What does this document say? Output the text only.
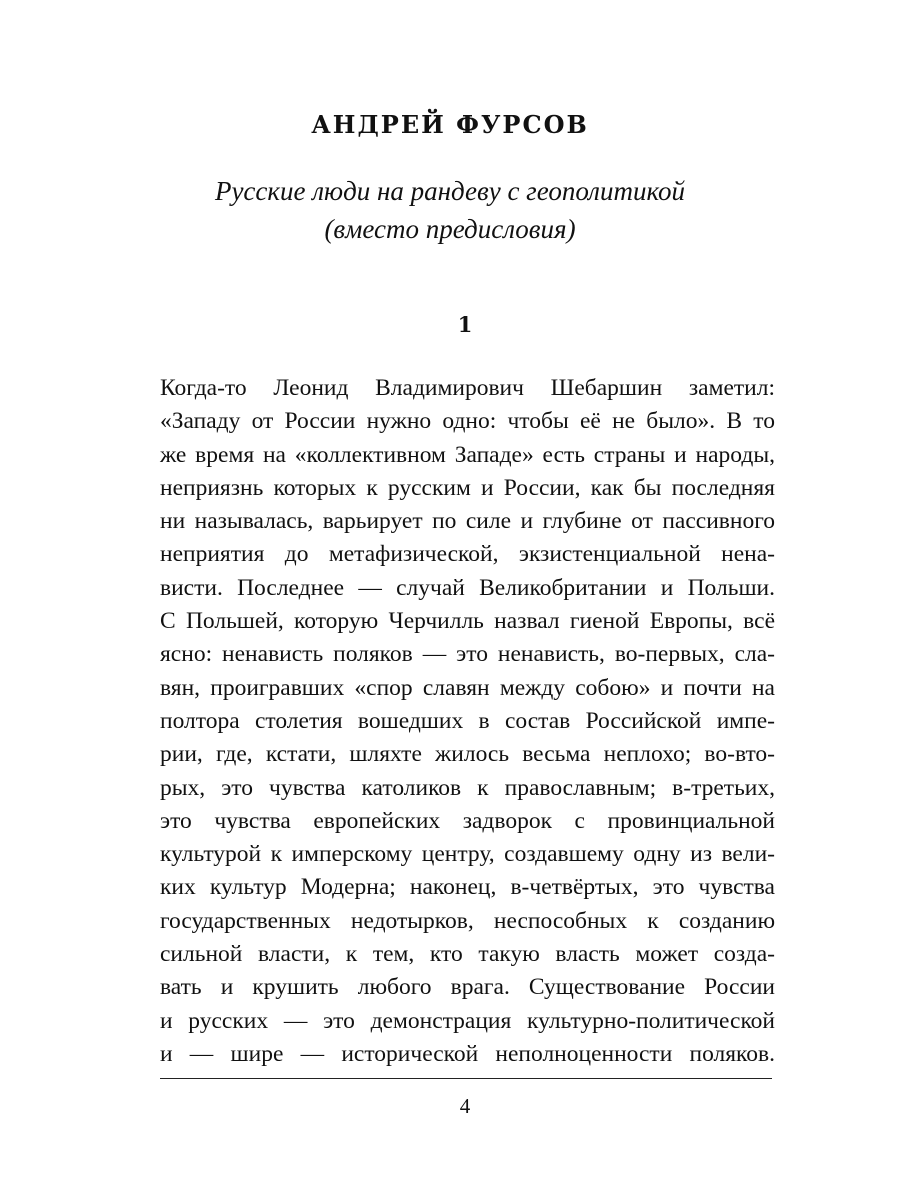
АНДРЕЙ ФУРСОВ
Русские люди на рандеву с геополитикой
(вместо предисловия)
1
Когда-то Леонид Владимирович Шебаршин заметил:
«Западу от России нужно одно: чтобы её не было». В то
же время на «коллективном Западе» есть страны и народы,
неприязнь которых к русским и России, как бы последняя
ни называлась, варьирует по силе и глубине от пассивного
неприятия до метафизической, экзистенциальной нена-
висти. Последнее — случай Великобритании и Польши.
С Польшей, которую Черчилль назвал гиеной Европы, всё
ясно: ненависть поляков — это ненависть, во-первых, сла-
вян, проигравших «спор славян между собою» и почти на
полтора столетия вошедших в состав Российской импе-
рии, где, кстати, шляхте жилось весьма неплохо; во-вто-
рых, это чувства католиков к православным; в-третьих,
это чувства европейских задворок с провинциальной
культурой к имперскому центру, создавшему одну из вели-
ких культур Модерна; наконец, в-четвёртых, это чувства
государственных недотырков, неспособных к созданию
сильной власти, к тем, кто такую власть может созда-
вать и крушить любого врага. Существование России
и русских — это демонстрация культурно-политической
и — шире — исторической неполноценности поляков.
4
